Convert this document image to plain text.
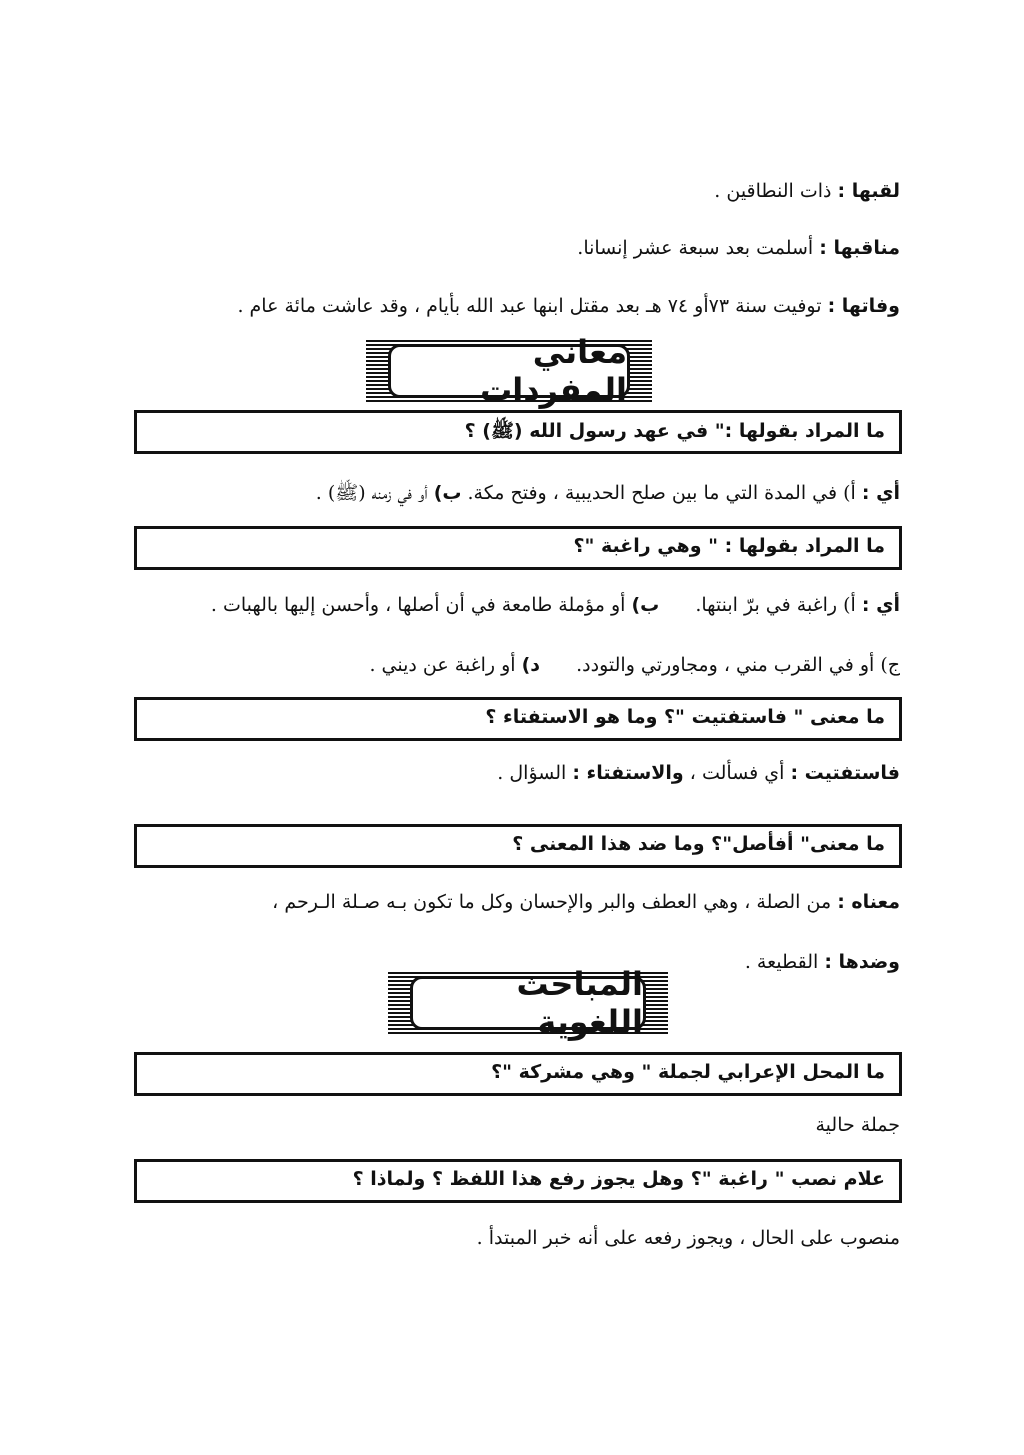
لقبها : ذات النطاقين .
مناقبها : أسلمت بعد سبعة عشر إنسانا.
وفاتها : توفيت سنة ٧٣أو ٧٤ هـ بعد مقتل ابنها عبد الله بأيام ، وقد عاشت مائة عام .
معاني المفردات
ما المراد بقولها :" في عهد رسول الله (ﷺ) ؟
أي : أ) في المدة التي ما بين صلح الحديبية ، وفتح مكة. ب) أو في زمنه (ﷺ) .
ما المراد بقولها : " وهي راغبة "؟
أي : أ) راغبة في برّ ابنتها.  ب) أو مؤملة طامعة في أن أصلها ، وأحسن إليها بالهبات .
ج) أو في القرب مني ، ومجاورتي والتودد.  د) أو راغبة عن ديني .
ما معنى " فاستفتيت "؟ وما هو الاستفتاء ؟
فاستفتيت : أي فسألت ، والاستفتاء : السؤال .
ما معنى" أفأصل"؟ وما ضد هذا المعنى ؟
معناه : من الصلة ، وهي العطف والبر والإحسان وكل ما تكون بـه صـلة الـرحم ،
وضدها : القطيعة .
المباحث اللغوية
ما المحل الإعرابي لجملة " وهي مشركة "؟
جملة حالية
علام نصب " راغبة "؟ وهل يجوز رفع هذا اللفظ ؟ ولماذا ؟
منصوب على الحال ، ويجوز رفعه على أنه خبر المبتدأ .
